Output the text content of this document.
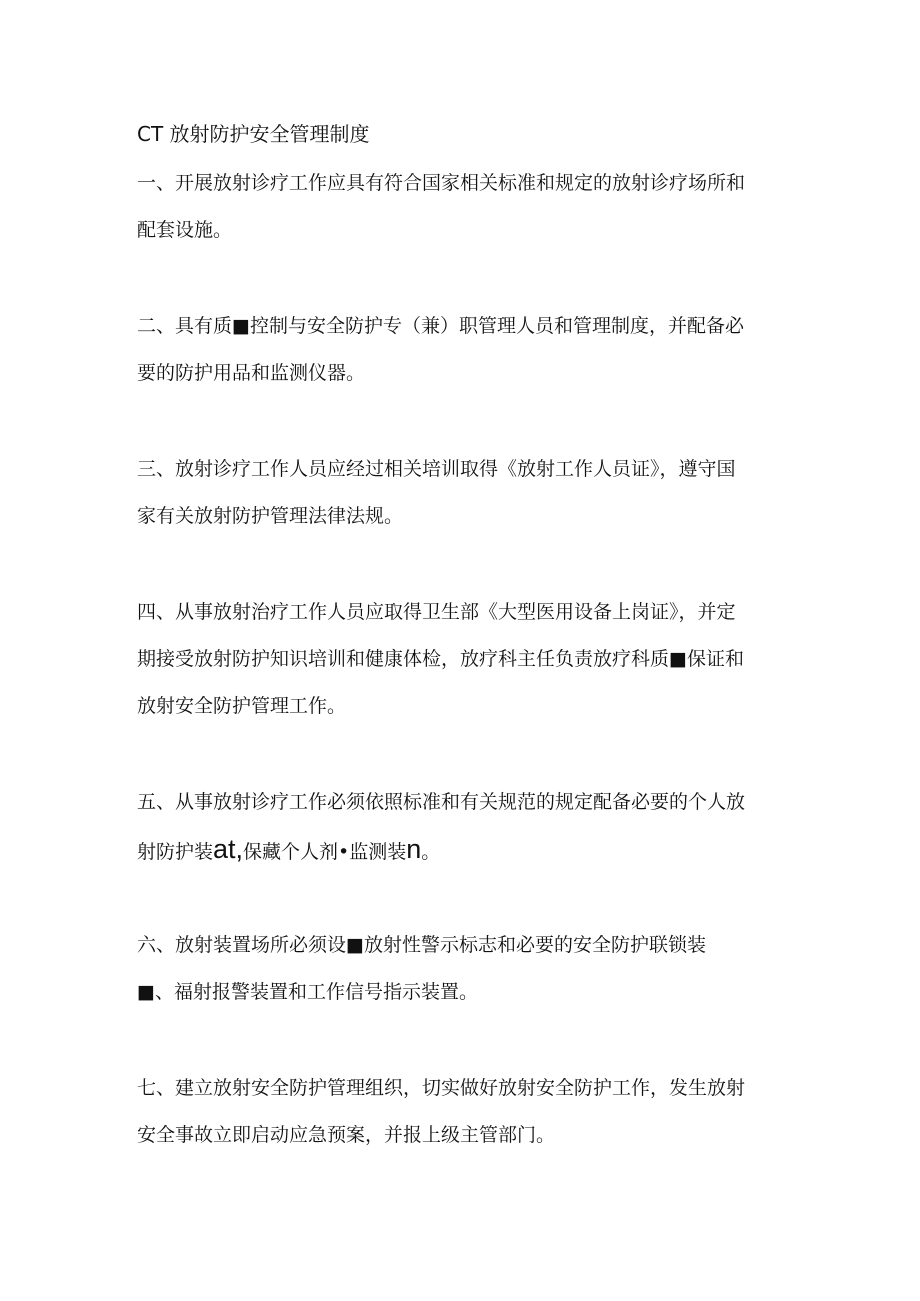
CT 放射防护安全管理制度

一、开展放射诊疗工作应具有符合国家相关标准和规定的放射诊疗场所和
配套设施。

二、具有质■控制与安全防护专（兼）职管理人员和管理制度，并配备必
要的防护用品和监测仪器。

三、放射诊疗工作人员应经过相关培训取得《放射工作人员证》，遵守国
家有关放射防护管理法律法规。

四、从事放射治疗工作人员应取得卫生部《大型医用设备上岗证》，并定
期接受放射防护知识培训和健康体检，放疗科主任负责放疗科质■保证和
放射安全防护管理工作。

五、从事放射诊疗工作必须依照标准和有关规范的规定配备必要的个人放
射防护装at,保藏个人剂•监测装n。

六、放射装置场所必须设■放射性警示标志和必要的安全防护联锁装
■、福射报警装置和工作信号指示装置。

七、建立放射安全防护管理组织，切实做好放射安全防护工作，发生放射
安全事故立即启动应急预案，并报上级主管部门。
